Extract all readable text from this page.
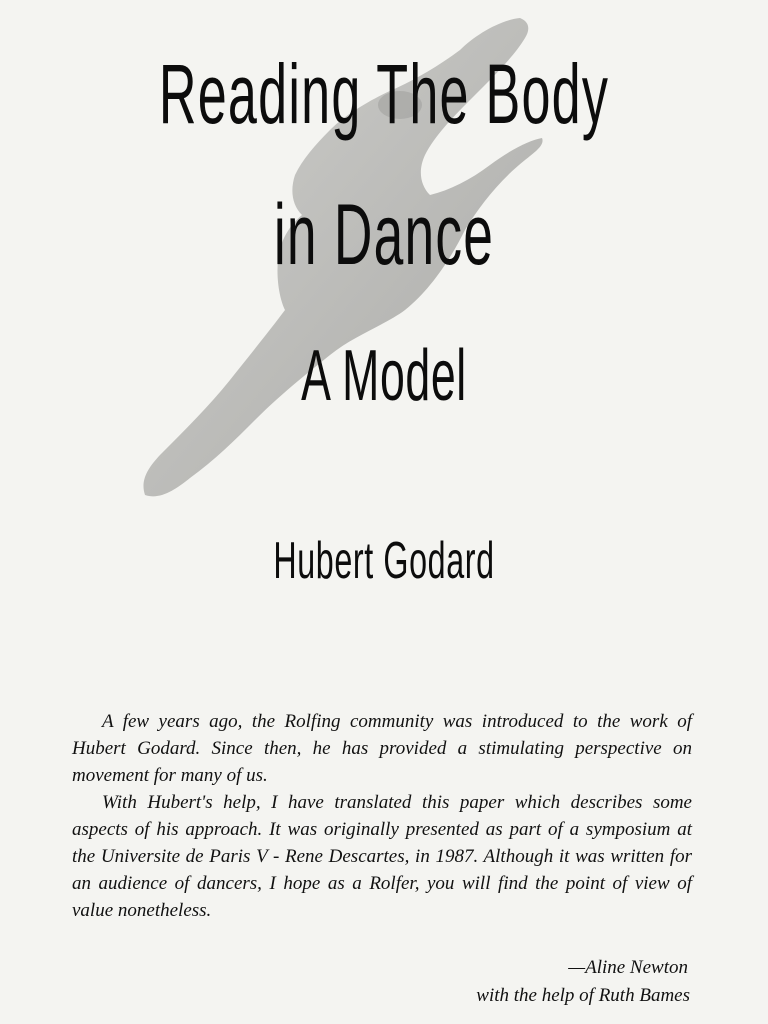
Reading The Body
in Dance
A Model
Hubert Godard

A few years ago, the Rolfing community was introduced to the work of Hubert Godard. Since then, he has provided a stimulating perspective on movement for many of us.

With Hubert's help, I have translated this paper which describes some aspects of his approach. It was originally presented as part of a symposium at the Universite de Paris V - Rene Descartes, in 1987. Although it was written for an audience of dancers, I hope as a Rolfer, you will find the point of view of value nonetheless.

—Aline Newton
with the help of Ruth Bames
